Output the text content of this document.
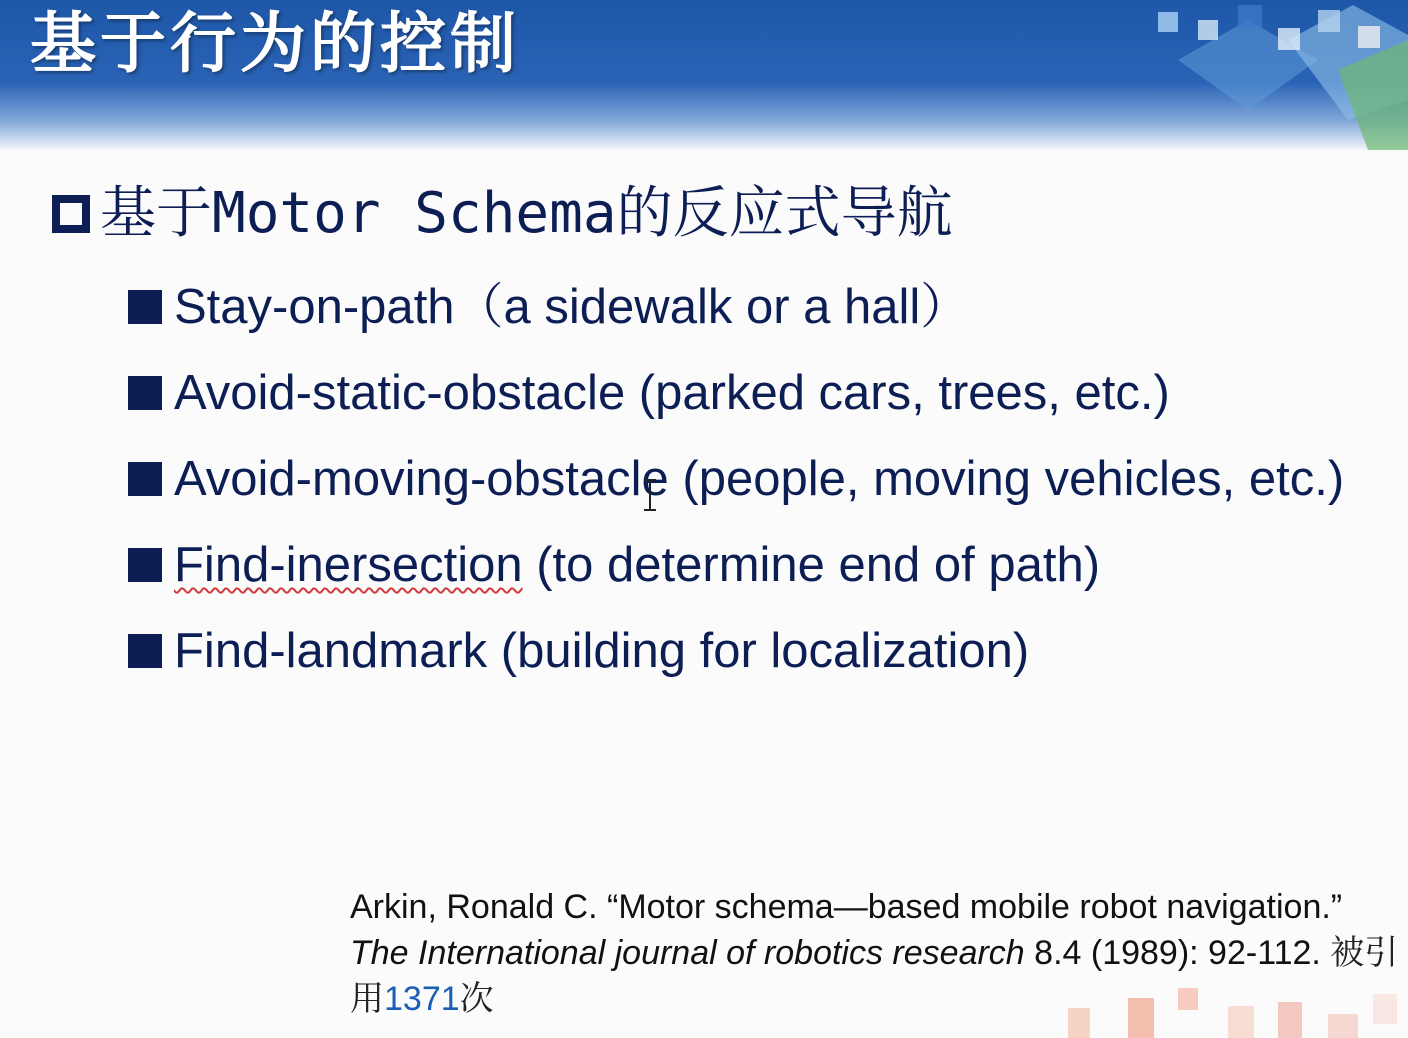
基于行为的控制
基于 Motor Schema 的反应式导航
Stay-on-path（a sidewalk or a hall）
Avoid-static-obstacle (parked cars, trees, etc.)
Avoid-moving-obstacle (people, moving vehicles, etc.)
Find-inersection (to determine end of path)
Find-landmark (building for localization)
Arkin, Ronald C. “Motor schema—based mobile robot navigation.” The International journal of robotics research 8.4 (1989): 92-112. 被引用1371次
